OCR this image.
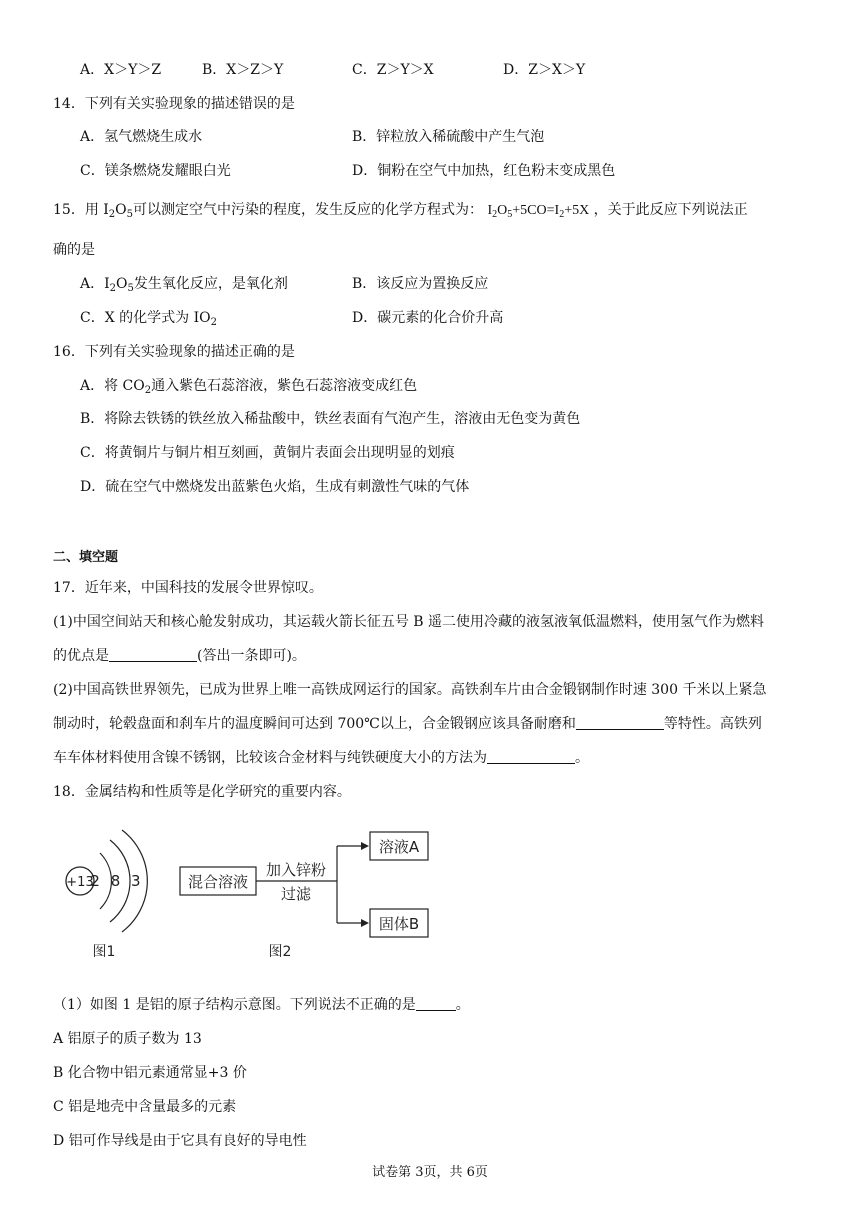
A．X＞Y＞Z	B．X＞Z＞Y	C．Z＞Y＞X	D．Z＞X＞Y
14．下列有关实验现象的描述错误的是
A．氢气燃烧生成水	B．锌粒放入稀硫酸中产生气泡
C．镁条燃烧发耀眼白光	D．铜粉在空气中加热，红色粉末变成黑色
15．用 $I_2O_5$可以测定空气中污染的程度，发生反应的化学方程式为： $I_2O_5+5CO=I_2+5X$ ，关于此反应下列说法正
确的是
A．$I_2O_5$发生氧化反应，是氧化剂	B．该反应为置换反应
C．X 的化学式为 $IO_2$	D．碳元素的化合价升高
16．下列有关实验现象的描述正确的是
A．将 $CO_2$通入紫色石蕊溶液，紫色石蕊溶液变成红色
B．将除去铁锈的铁丝放入稀盐酸中，铁丝表面有气泡产生，溶液由无色变为黄色
C．将黄铜片与铜片相互刻画，黄铜片表面会出现明显的划痕
D．硫在空气中燃烧发出蓝紫色火焰，生成有刺激性气味的气体
二、填空题
17．近年来，中国科技的发展令世界惊叹。
(1)中国空间站天和核心舱发射成功，其运载火箭长征五号 B 遥二使用冷藏的液氢液氧低温燃料，使用氢气作为燃料
的优点是	(答出一条即可)。
(2)中国高铁世界领先，已成为世界上唯一高铁成网运行的国家。高铁刹车片由合金锻钢制作时速 300 千米以上紧急
制动时，轮毂盘面和刹车片的温度瞬间可达到 700℃以上，合金锻钢应该具备耐磨和	等特性。高铁列
车车体材料使用含镍不锈钢，比较该合金材料与纯铁硬度大小的方法为	。
18．金属结构和性质等是化学研究的重要内容。
+13
2 8 3
图1
混合溶液
加入锌粉
过滤
溶液A
固体B
图2
（1）如图 1 是铝的原子结构示意图。下列说法不正确的是	。
A 铝原子的质子数为 13
B 化合物中铝元素通常显+3 价
C 铝是地壳中含量最多的元素
D 铝可作导线是由于它具有良好的导电性
试卷第 3页，共 6页
